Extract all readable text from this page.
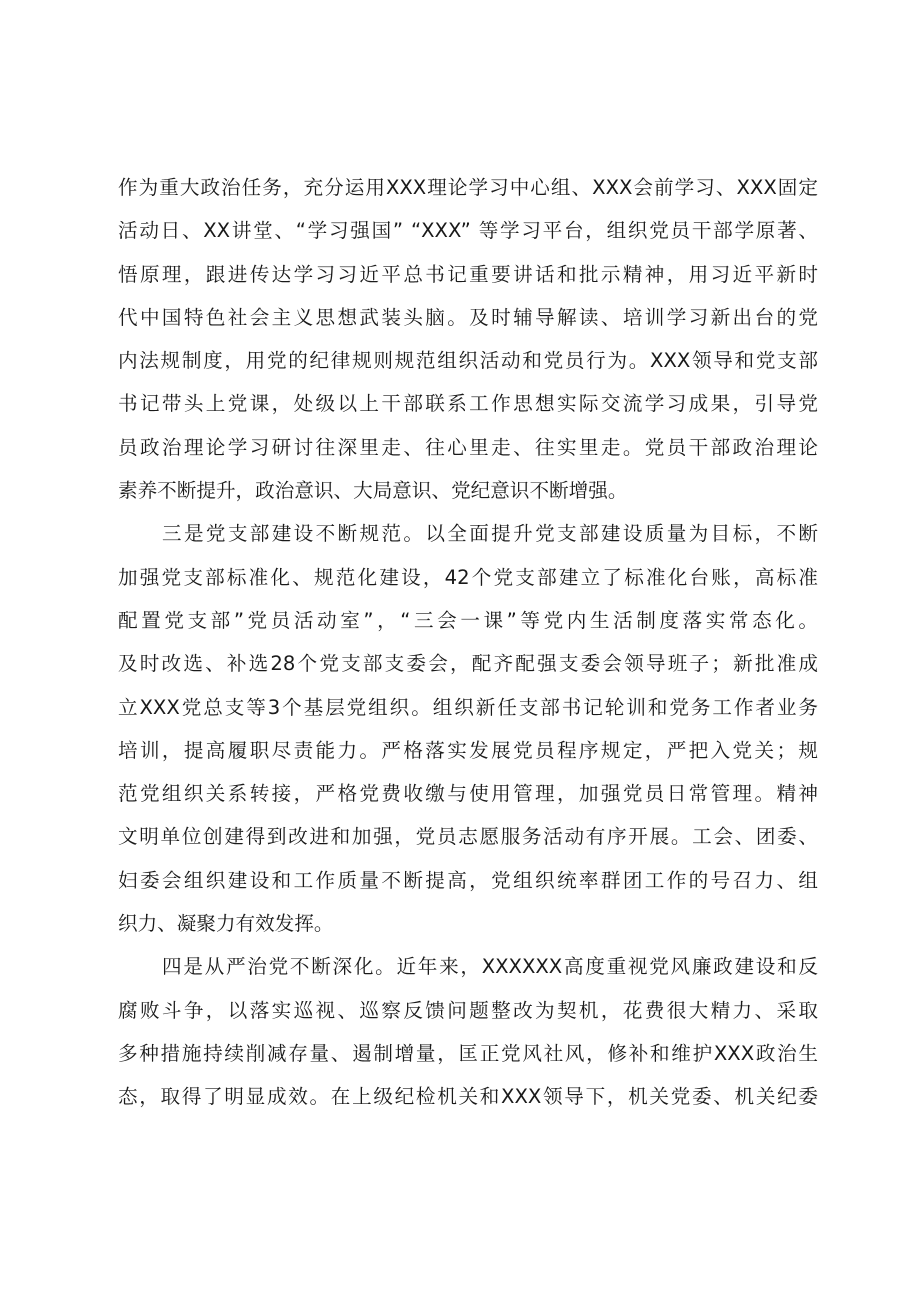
作为重大政治任务，充分运用XXX理论学习中心组、XXX会前学习、XXX固定
活动日、XX讲堂、“学习强国” “XXX” 等学习平台，组织党员干部学原著、
悟原理，跟进传达学习习近平总书记重要讲话和批示精神，用习近平新时
代中国特色社会主义思想武装头脑。及时辅导解读、培训学习新出台的党
内法规制度，用党的纪律规则规范组织活动和党员行为。XXX领导和党支部
书记带头上党课，处级以上干部联系工作思想实际交流学习成果，引导党
员政治理论学习研讨往深里走、往心里走、往实里走。党员干部政治理论
素养不断提升，政治意识、大局意识、党纪意识不断增强。
三是党支部建设不断规范。以全面提升党支部建设质量为目标，不断
加强党支部标准化、规范化建设，42个党支部建立了标准化台账，高标准
配置党支部”党员活动室”，“三会一课”等党内生活制度落实常态化。
及时改选、补选28个党支部支委会，配齐配强支委会领导班子；新批准成
立XXX党总支等3个基层党组织。组织新任支部书记轮训和党务工作者业务
培训，提高履职尽责能力。严格落实发展党员程序规定，严把入党关；规
范党组织关系转接，严格党费收缴与使用管理，加强党员日常管理。精神
文明单位创建得到改进和加强，党员志愿服务活动有序开展。工会、团委、
妇委会组织建设和工作质量不断提高，党组织统率群团工作的号召力、组
织力、凝聚力有效发挥。
四是从严治党不断深化。近年来，XXXXXX高度重视党风廉政建设和反
腐败斗争，以落实巡视、巡察反馈问题整改为契机，花费很大精力、采取
多种措施持续削减存量、遏制增量，匡正党风社风，修补和维护XXX政治生
态，取得了明显成效。在上级纪检机关和XXX领导下，机关党委、机关纪委
